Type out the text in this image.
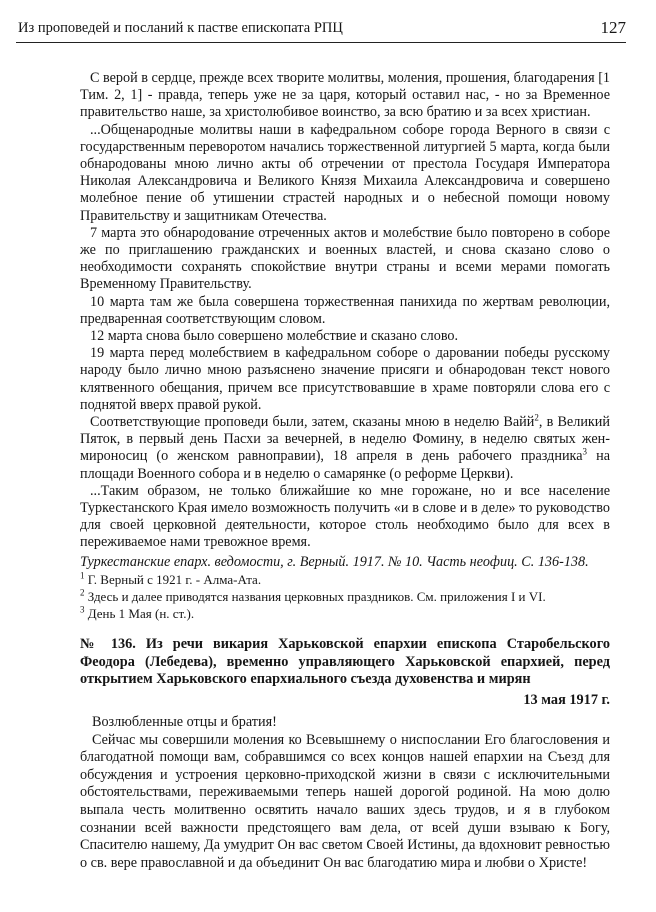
Из проповедей и посланий к пастве епископата РПЦ	127

С верой в сердце, прежде всех творите молитвы, моления, прошения, благодарения [1 Тим. 2, 1] - правда, теперь уже не за царя, который оставил нас, - но за Временное правительство наше, за христолюбивое воинство, за всю братию и за всех христиан.

...Общенародные молитвы наши в кафедральном соборе города Верного в связи с государственным переворотом начались торжественной литургией 5 марта, когда были обнародованы мною лично акты об отречении от престола Государя Императора Николая Александровича и Великого Князя Михаила Александровича и совершено молебное пение об утишении страстей народных и о небесной помощи новому Правительству и защитникам Отечества.

7 марта это обнародование отреченных актов и молебствие было повторено в соборе же по приглашению гражданских и военных властей, и снова сказано слово о необходимости сохранять спокойствие внутри страны и всеми мерами помогать Временному Правительству.

10 марта там же была совершена торжественная панихида по жертвам революции, предваренная соответствующим словом.

12 марта снова было совершено молебствие и сказано слово.

19 марта перед молебствием в кафедральном соборе о даровании победы русскому народу было лично мною разъяснено значение присяги и обнародован текст нового клятвенного обещания, причем все присутствовавшие в храме повторяли слова его с поднятой вверх правой рукой.

Соответствующие проповеди были, затем, сказаны мною в неделю Вайй$^2$, в Великий Пяток, в первый день Пасхи за вечерней, в неделю Фомину, в неделю святых жен-мироносиц (о женском равноправии), 18 апреля в день рабочего праздника$^3$ на площади Военного собора и в неделю о самарянке (о реформе Церкви).

...Таким образом, не только ближайшие ко мне горожане, но и все население Туркестанского Края имело возможность получить «и в слове и в деле» то руководство для своей церковной деятельности, которое столь необходимо было для всех в переживаемое нами тревожное время.

Туркестанские епарх. ведомости, г. Верный. 1917. № 10. Часть неофиц. С. 136-138.

$^1$ Г. Верный с 1921 г. - Алма-Ата.

$^2$ Здесь и далее приводятся названия церковных праздников. См. приложения I и VI.

$^3$ День 1 Мая (н. ст.).

№ 136. Из речи викария Харьковской епархии епископа Старобельского Феодора (Лебедева), временно управляющего Харьковской епархией, перед открытием Харьковского епархиального съезда духовенства и мирян
13 мая 1917 г.

Возлюбленные отцы и братия!

Сейчас мы совершили моления ко Всевышнему о ниспослании Его благословения и благодатной помощи вам, собравшимся со всех концов нашей епархии на Съезд для обсуждения и устроения церковно-приходской жизни в связи с исключительными обстоятельствами, переживаемыми теперь нашей дорогой родиной. На мою долю выпала честь молитвенно освятить начало ваших здесь трудов, и я в глубоком сознании всей важности предстоящего вам дела, от всей души взываю к Богу, Спасителю нашему, Да умудрит Он вас светом Своей Истины, да вдохновит ревностью о св. вере православной и да объединит Он вас благодатию мира и любви о Христе!
